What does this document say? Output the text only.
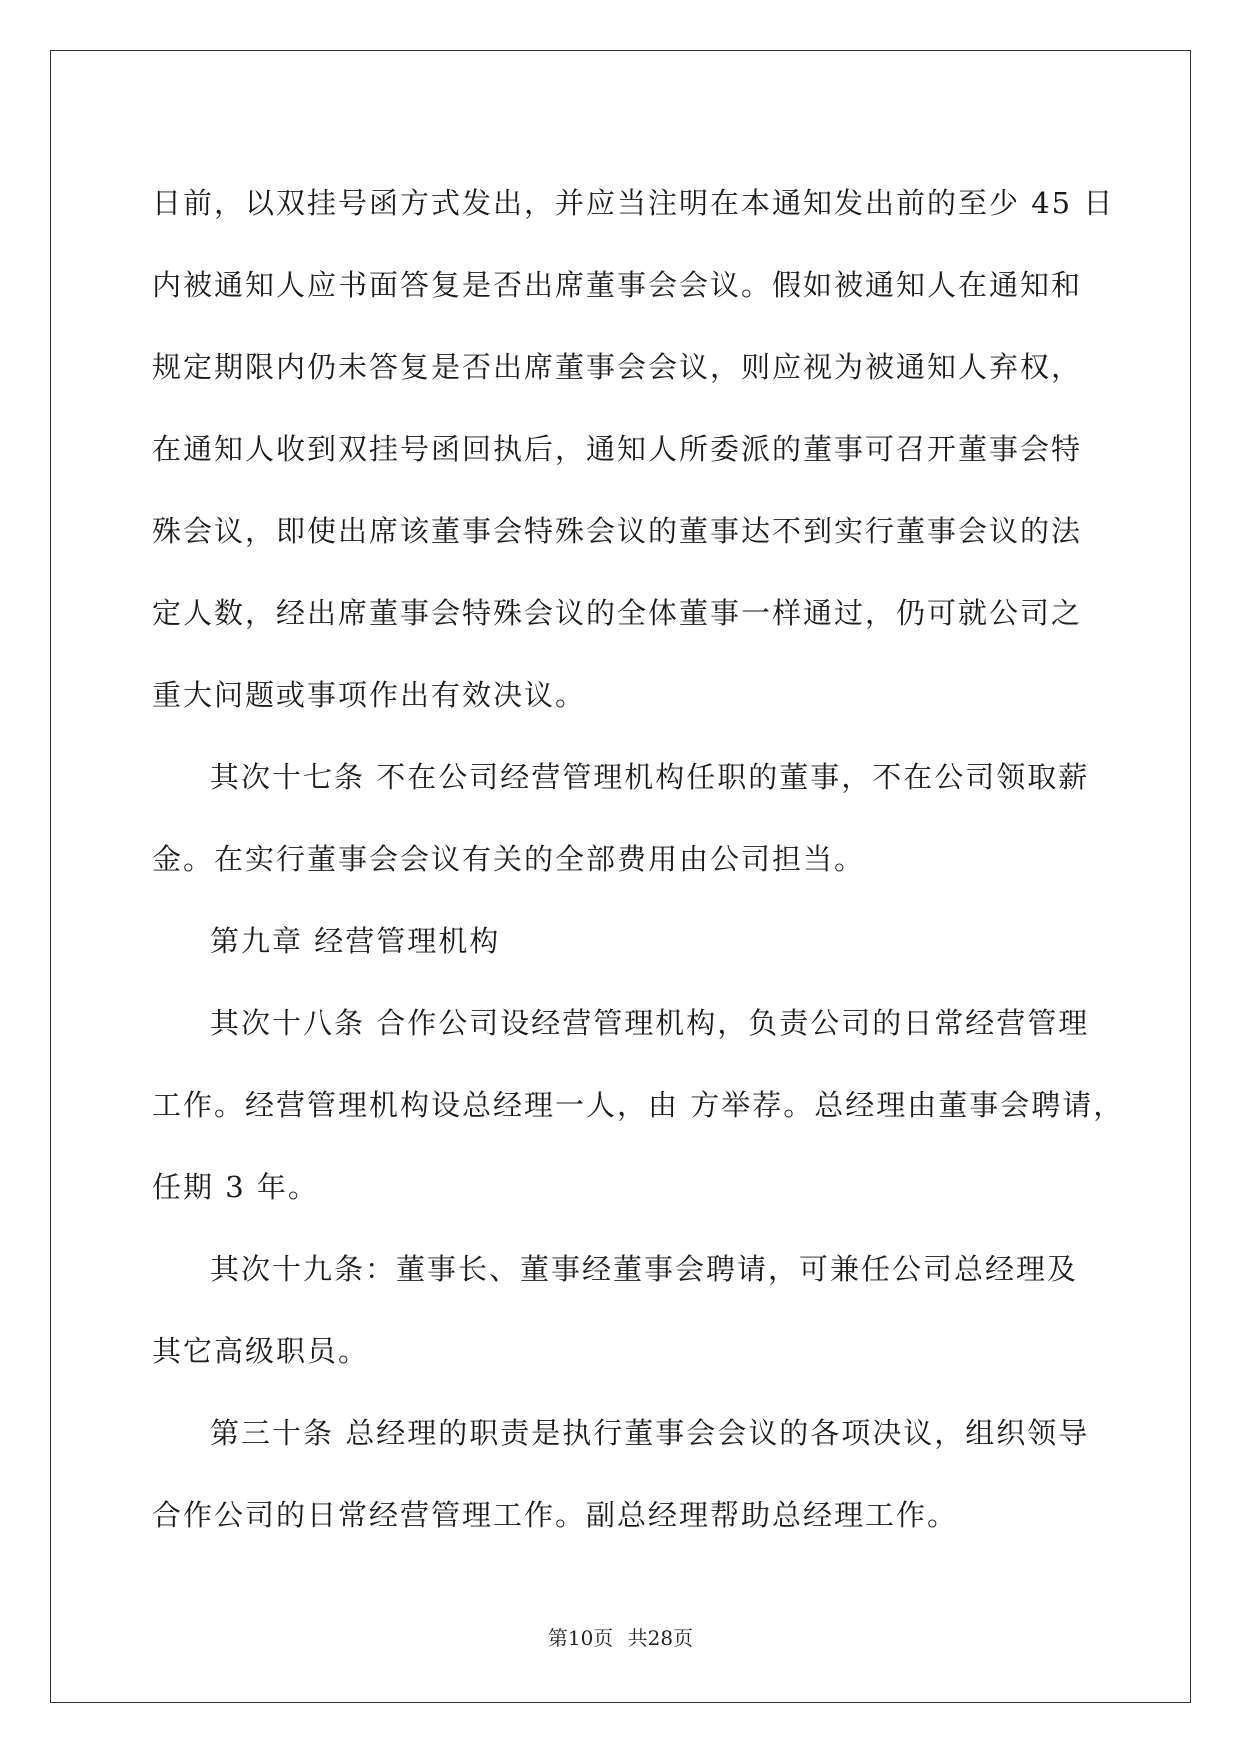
日前，以双挂号函方式发出，并应当注明在本通知发出前的至少 45 日
内被通知人应书面答复是否出席董事会会议。假如被通知人在通知和
规定期限内仍未答复是否出席董事会会议，则应视为被通知人弃权，
在通知人收到双挂号函回执后，通知人所委派的董事可召开董事会特
殊会议，即使出席该董事会特殊会议的董事达不到实行董事会议的法
定人数，经出席董事会特殊会议的全体董事一样通过，仍可就公司之
重大问题或事项作出有效决议。
其次十七条 不在公司经营管理机构任职的董事，不在公司领取薪
金。在实行董事会会议有关的全部费用由公司担当。
第九章 经营管理机构
其次十八条 合作公司设经营管理机构，负责公司的日常经营管理
工作。经营管理机构设总经理一人，由 方举荐。总经理由董事会聘请，
任期 3 年。
其次十九条：董事长、董事经董事会聘请，可兼任公司总经理及
其它高级职员。
第三十条 总经理的职责是执行董事会会议的各项决议，组织领导
合作公司的日常经营管理工作。副总经理帮助总经理工作。
第10页 共28页
